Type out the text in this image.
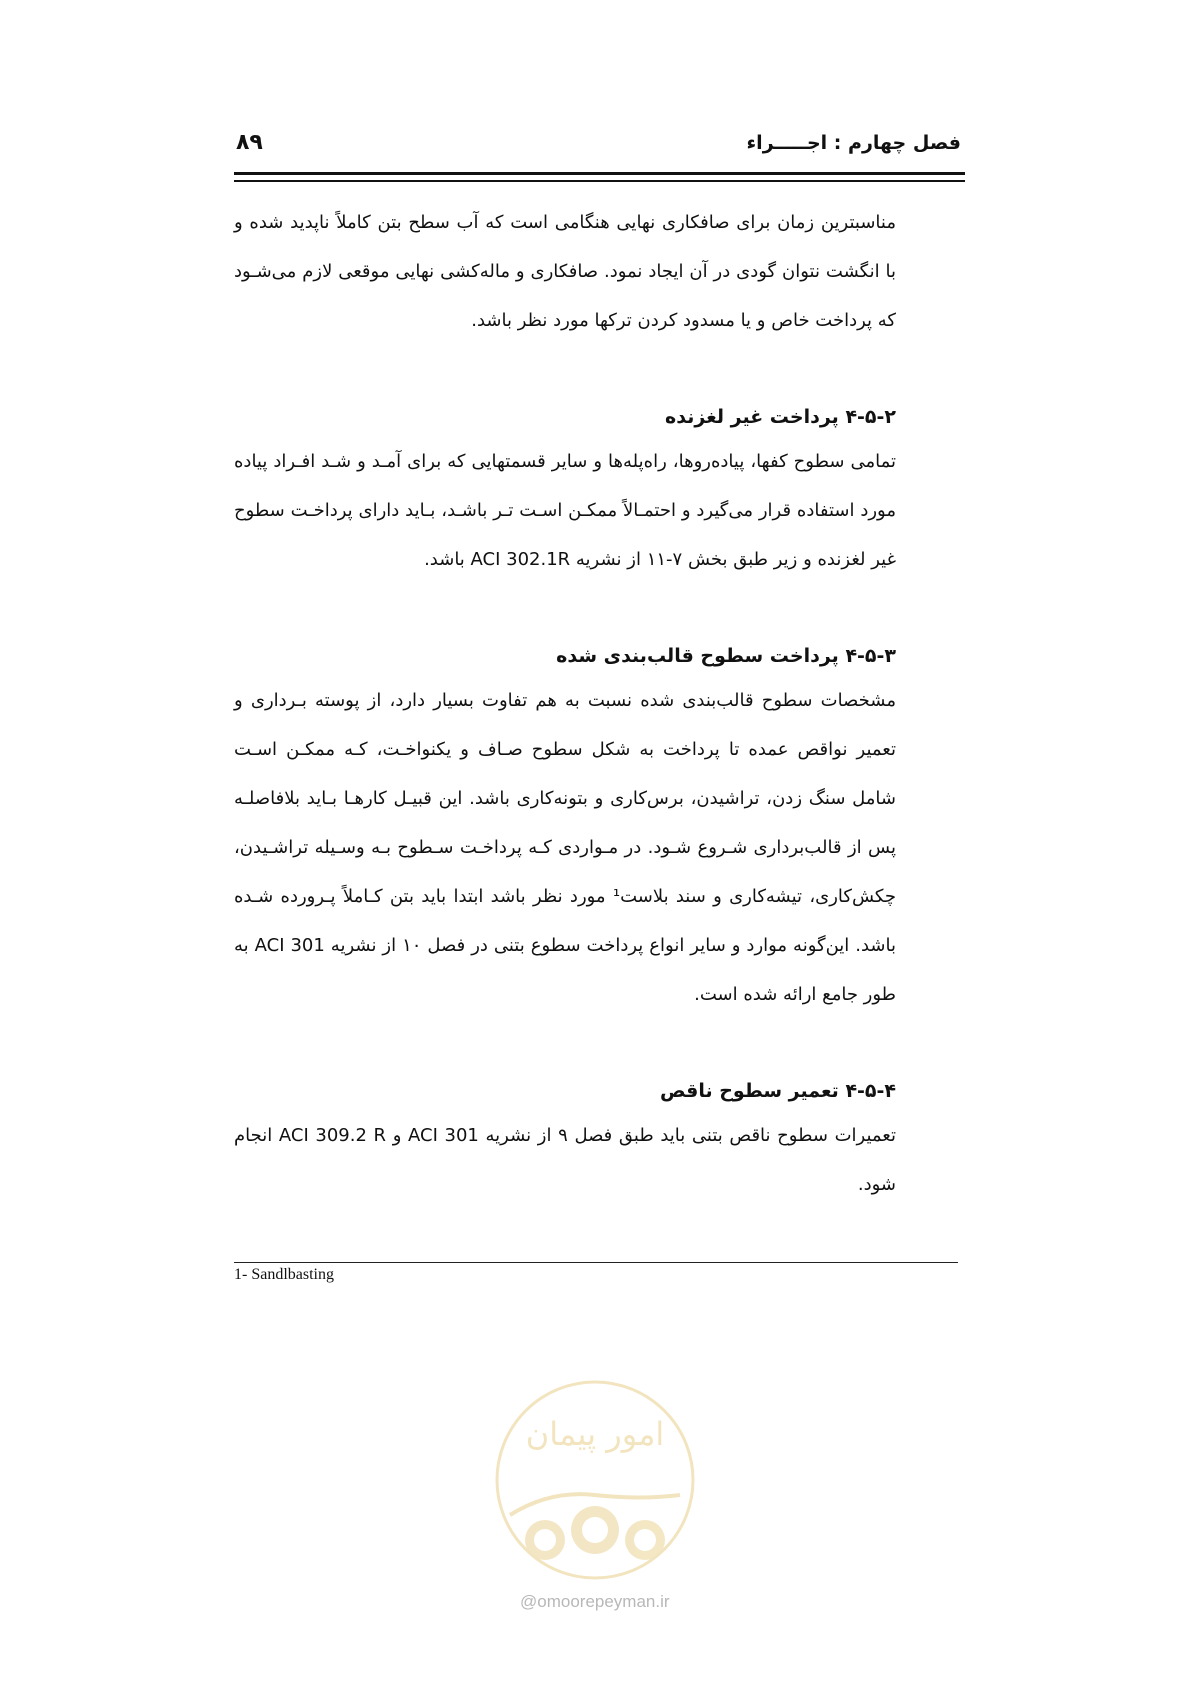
فصل چهارم : اجـــــراء
۸۹

مناسبترین زمان برای صافکاری نهایی هنگامی است که آب سطح بتن کاملاً ناپدید شده و با انگشت نتوان گودی در آن ایجاد نمود. صافکاری و ماله‌کشی نهایی موقعی لازم می‌شـود که پرداخت خاص و یا مسدود کردن ترکها مورد نظر باشد.

۴-۵-۲ پرداخت غیر لغزنده

تمامی سطوح کفها، پیاده‌روها، راه‌پله‌ها و سایر قسمتهایی که برای آمـد و شـد افـراد پیاده مورد استفاده قرار می‌گیرد و احتمـالاً ممکـن اسـت تـر باشـد، بـاید دارای پرداخـت سطوح غیر لغزنده و زیر طبق بخش ۷-۱۱ از نشریه ACI 302.1R باشد.

۴-۵-۳ پرداخت سطوح قالب‌بندی شده

مشخصات سطوح قالب‌بندی شده نسبت به هم تفاوت بسیار دارد، از پوسته بـرداری و تعمیر نواقص عمده تا پرداخت به شکل سطوح صـاف و یکنواخـت، کـه ممکـن اسـت شامل سنگ زدن، تراشیدن، برس‌کاری و بتونه‌کاری باشد. این قبیـل کارهـا بـاید بلافاصلـه پس از قالب‌برداری شـروع شـود. در مـواردی کـه پرداخـت سـطوح بـه وسـیله تراشـیدن، چکش‌کاری، تیشه‌کاری و سند بلاست¹ مورد نظر باشد ابتدا باید بتن کـاملاً پـرورده شـده باشد. این‌گونه موارد و سایر انواع پرداخت سطوع بتنی در فصل ۱۰ از نشریه ACI 301 به طور جامع ارائه شده است.

۴-۵-۴ تعمیر سطوح ناقص

تعمیرات سطوح ناقص بتنی باید طبق فصل ۹ از نشریه ACI 301 و ACI 309.2 R انجام شود.

1- Sandlbasting
امور پیمان
@omoorepeyman.ir
